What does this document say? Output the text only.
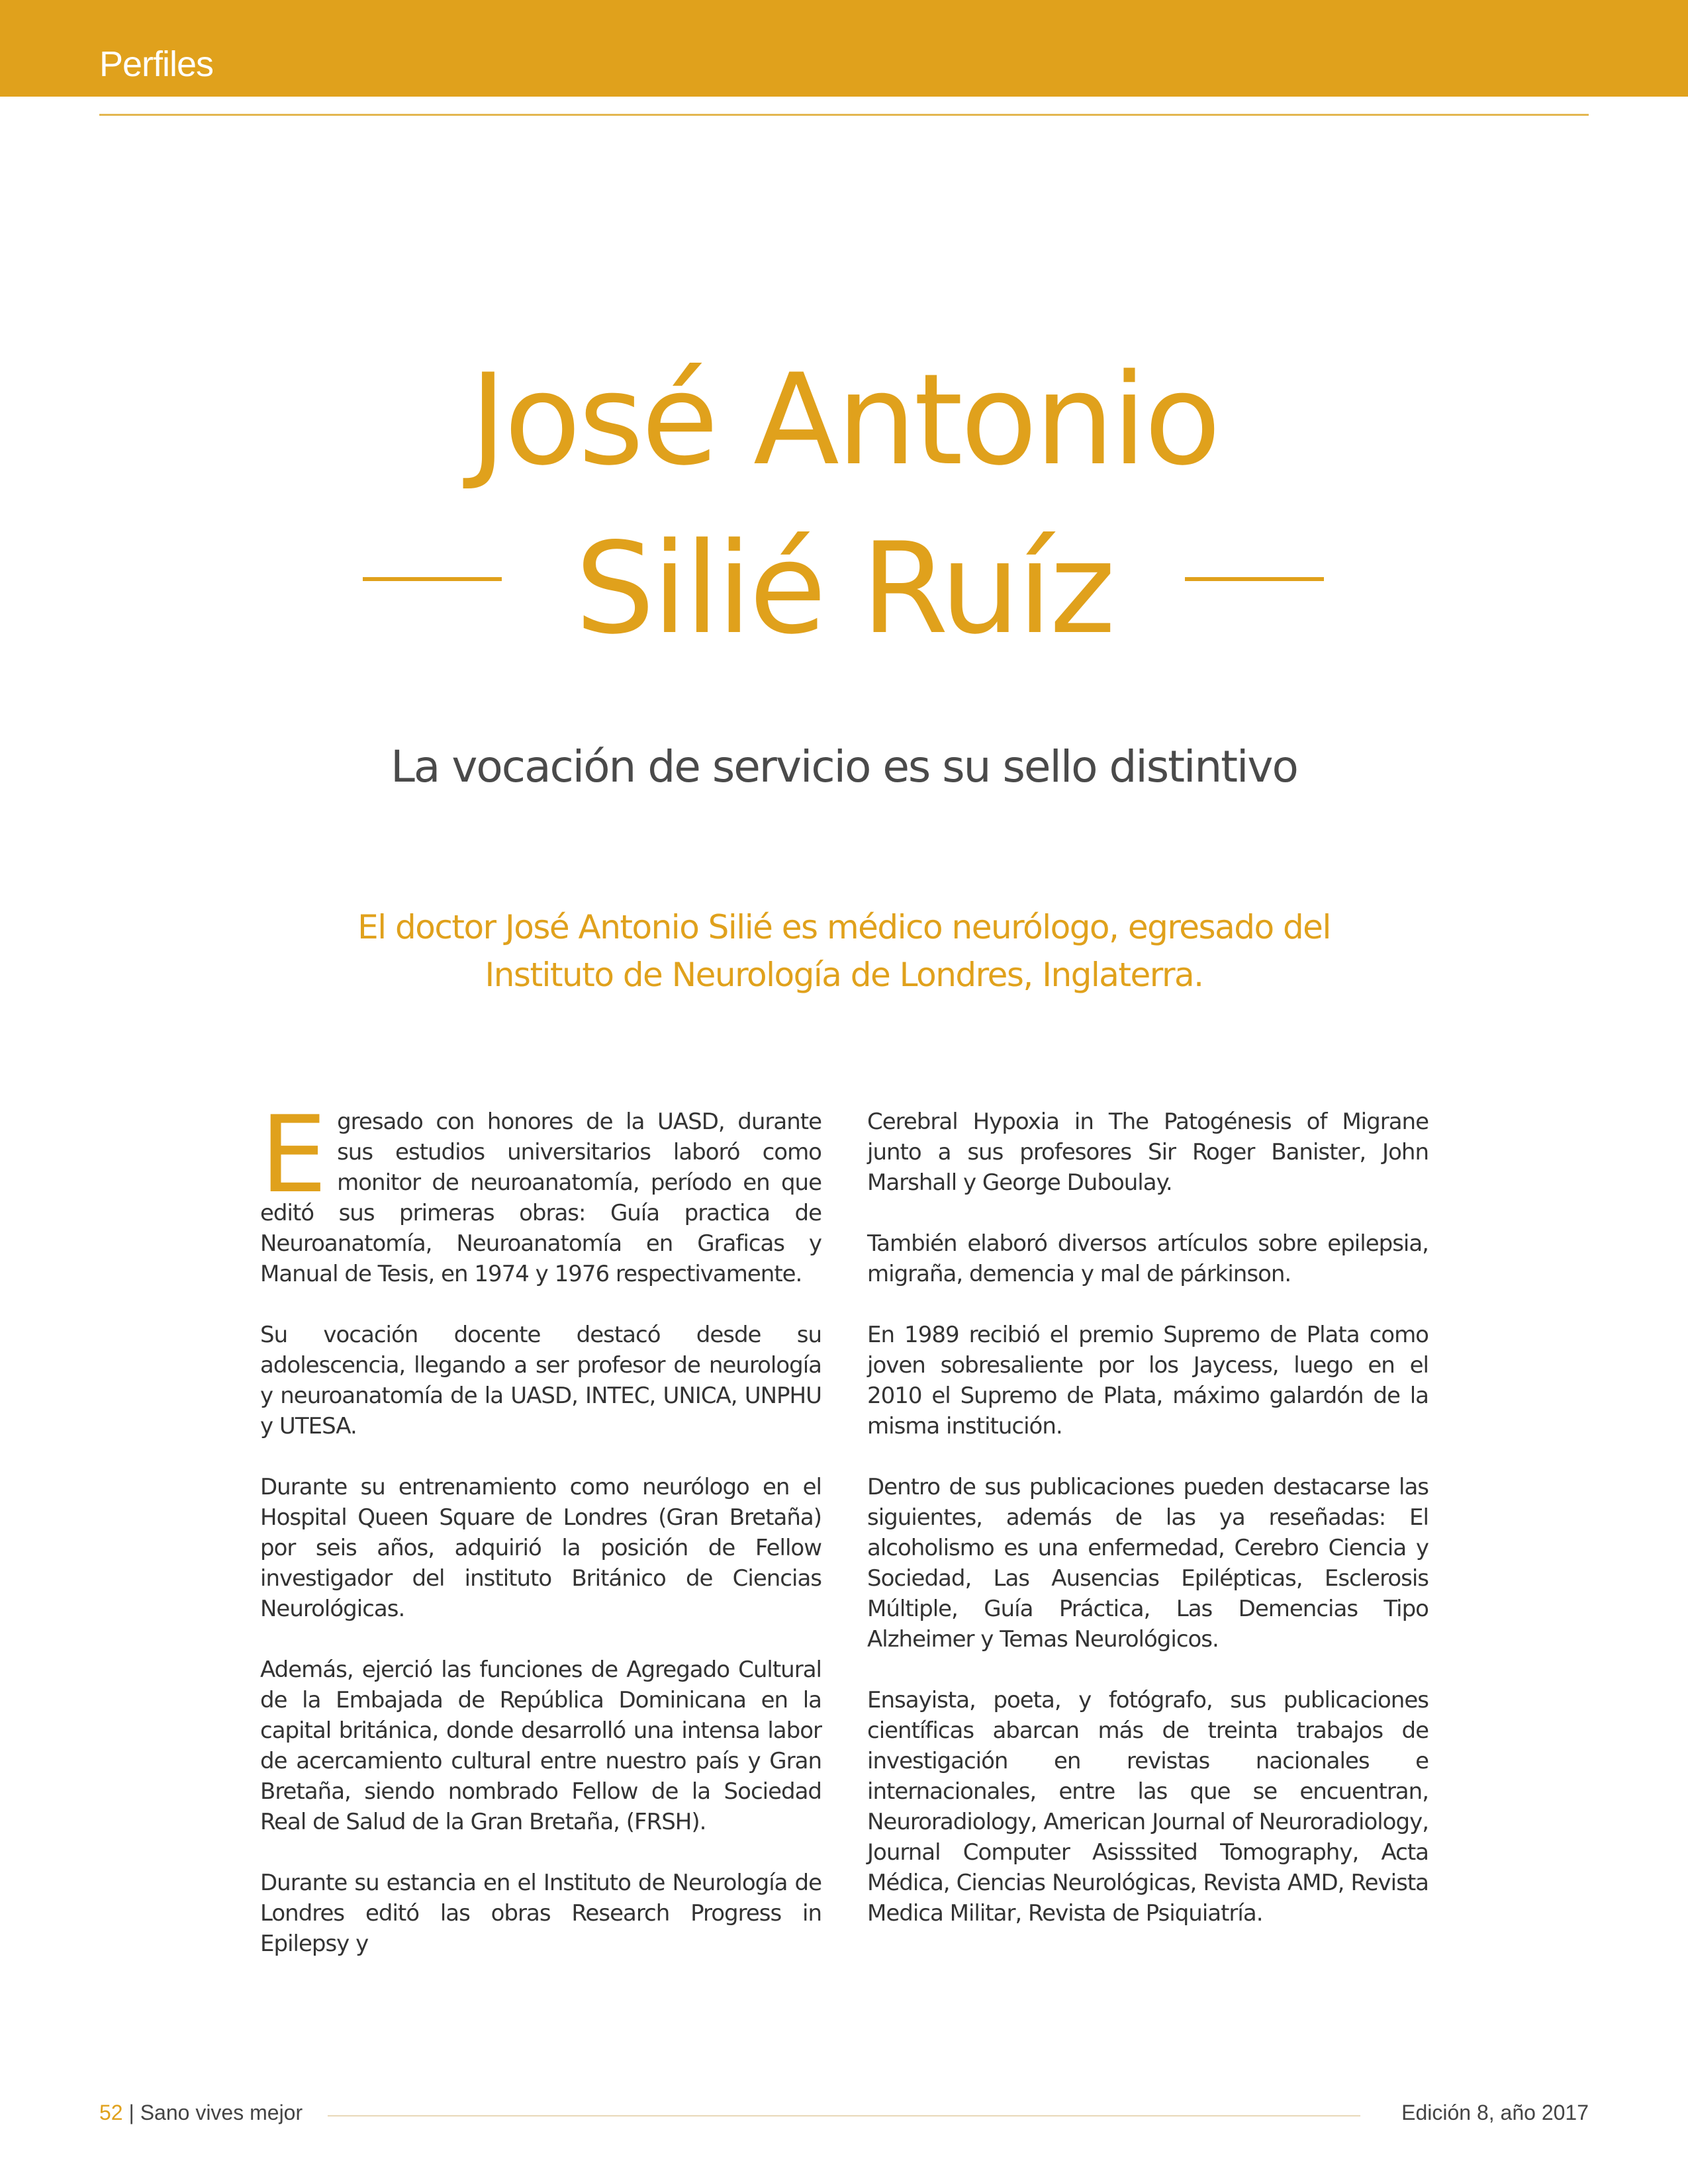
Perfiles
José Antonio
Silié Ruíz
La vocación de servicio es su sello distintivo
El doctor José Antonio Silié es médico neurólogo, egresado del
Instituto de Neurología de Londres, Inglaterra.

Egresado con honores de la UASD, durante sus estudios universitarios laboró como monitor de neuroanatomía, período en que editó sus primeras obras: Guía practica de Neuroanatomía, Neuroanatomía en Graficas y Manual de Tesis, en 1974 y 1976 respectivamente.

Su vocación docente destacó desde su adolescencia, llegando a ser profesor de neurología y neuroanatomía de la UASD, INTEC, UNICA, UNPHU y UTESA.

Durante su entrenamiento como neurólogo en el Hospital Queen Square de Londres (Gran Bretaña) por seis años, adquirió la posición de Fellow investigador del instituto Británico de Ciencias Neurológicas.

Además, ejerció las funciones de Agregado Cultural de la Embajada de República Dominicana en la capital británica, donde desarrolló una intensa labor de acercamiento cultural entre nuestro país y Gran Bretaña, siendo nombrado Fellow de la Sociedad Real de Salud de la Gran Bretaña, (FRSH).

Durante su estancia en el Instituto de Neurología de Londres editó las obras Research Progress in Epilepsy y

Cerebral Hypoxia in The Patogénesis of Migrane junto a sus profesores Sir Roger Banister, John Marshall y George Duboulay.

También elaboró diversos artículos sobre epilepsia, migraña, demencia y mal de párkinson.

En 1989 recibió el premio Supremo de Plata como joven sobresaliente por los Jaycess, luego en el 2010 el Supremo de Plata, máximo galardón de la misma institución.

Dentro de sus publicaciones pueden destacarse las siguientes, además de las ya reseñadas: El alcoholismo es una enfermedad, Cerebro Ciencia y Sociedad, Las Ausencias Epilépticas, Esclerosis Múltiple, Guía Práctica, Las Demencias Tipo Alzheimer y Temas Neurológicos.

Ensayista, poeta, y fotógrafo, sus publicaciones científicas abarcan más de treinta trabajos de investigación en revistas nacionales e internacionales, entre las que se encuentran, Neuroradiology, American Journal of Neuroradiology, Journal Computer Asisssited Tomography, Acta Médica, Ciencias Neurológicas, Revista AMD, Revista Medica Militar, Revista de Psiquiatría.

52 | Sano vives mejor	Edición 8, año 2017
